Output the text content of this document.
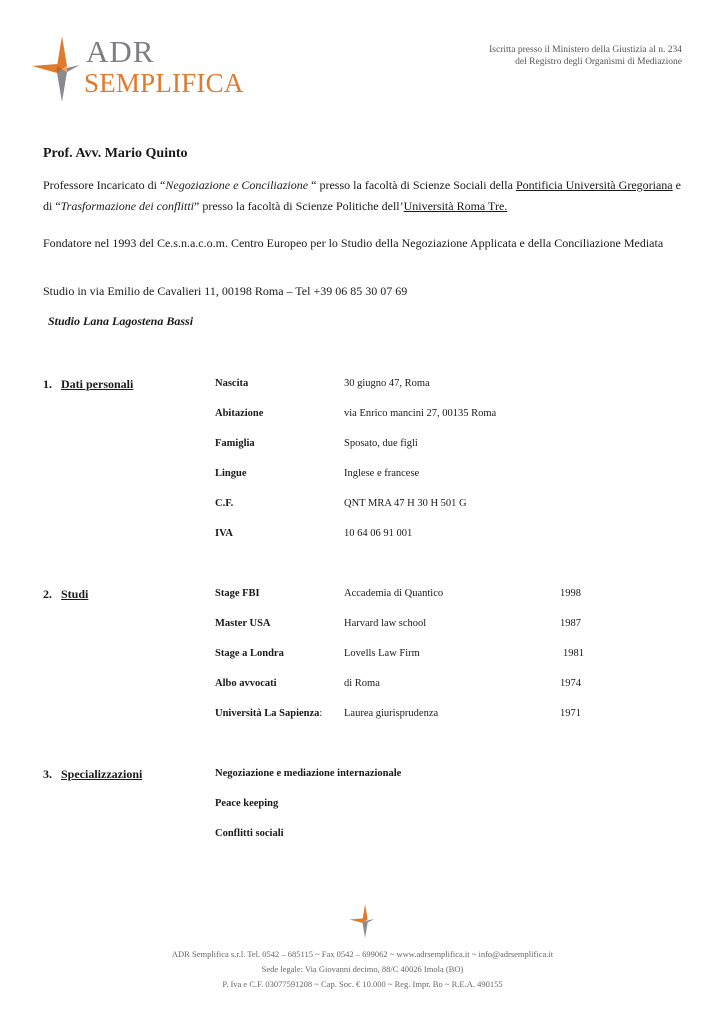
ADR
SEMPLIFICA
Iscritta presso il Ministero della Giustizia al n. 234
del Registro degli Organismi di Mediazione
Prof. Avv. Mario Quinto
Professore Incaricato di “Negoziazione e Conciliazione “ presso la facoltà di Scienze Sociali della Pontificia Università Gregoriana e di “Trasformazione dei conflitti” presso la facoltà di Scienze Politiche dell’Università Roma Tre.
Fondatore nel 1993 del Ce.s.n.a.c.o.m. Centro Europeo per lo Studio della Negoziazione Applicata e della Conciliazione Mediata
Studio in via Emilio de Cavalieri 11, 00198 Roma – Tel +39 06 85 30 07 69
Studio Lana Lagostena Bassi
1. Dati personali	Nascita	30 giugno 47, Roma
Abitazione	via Enrico mancini 27, 00135 Roma
Famiglia	Sposato, due figli
Lingue	Inglese e francese
C.F.	QNT MRA 47 H 30 H 501 G
IVA	10 64 06 91 001
2. Studi	Stage FBI	Accademia di Quantico	1998
Master USA	Harvard law school	1987
Stage a Londra	Lovells Law Firm	1981
Albo avvocati	di Roma	1974
Università La Sapienza: Laurea giurisprudenza	1971
3. Specializzazioni	Negoziazione e mediazione internazionale
Peace keeping
Conflitti sociali
ADR Semplifica s.r.l. Tel. 0542 – 685115 ~ Fax 0542 – 699062 ~ www.adrsemplifica.it ~ info@adrsemplifica.it
Sede legale: Via Giovanni decimo, 88/C 40026 Imola (BO)
P. Iva e C.F. 03077591208 ~ Cap. Soc. € 10.000 ~ Reg. Impr. Bo ~ R.E.A. 490155
